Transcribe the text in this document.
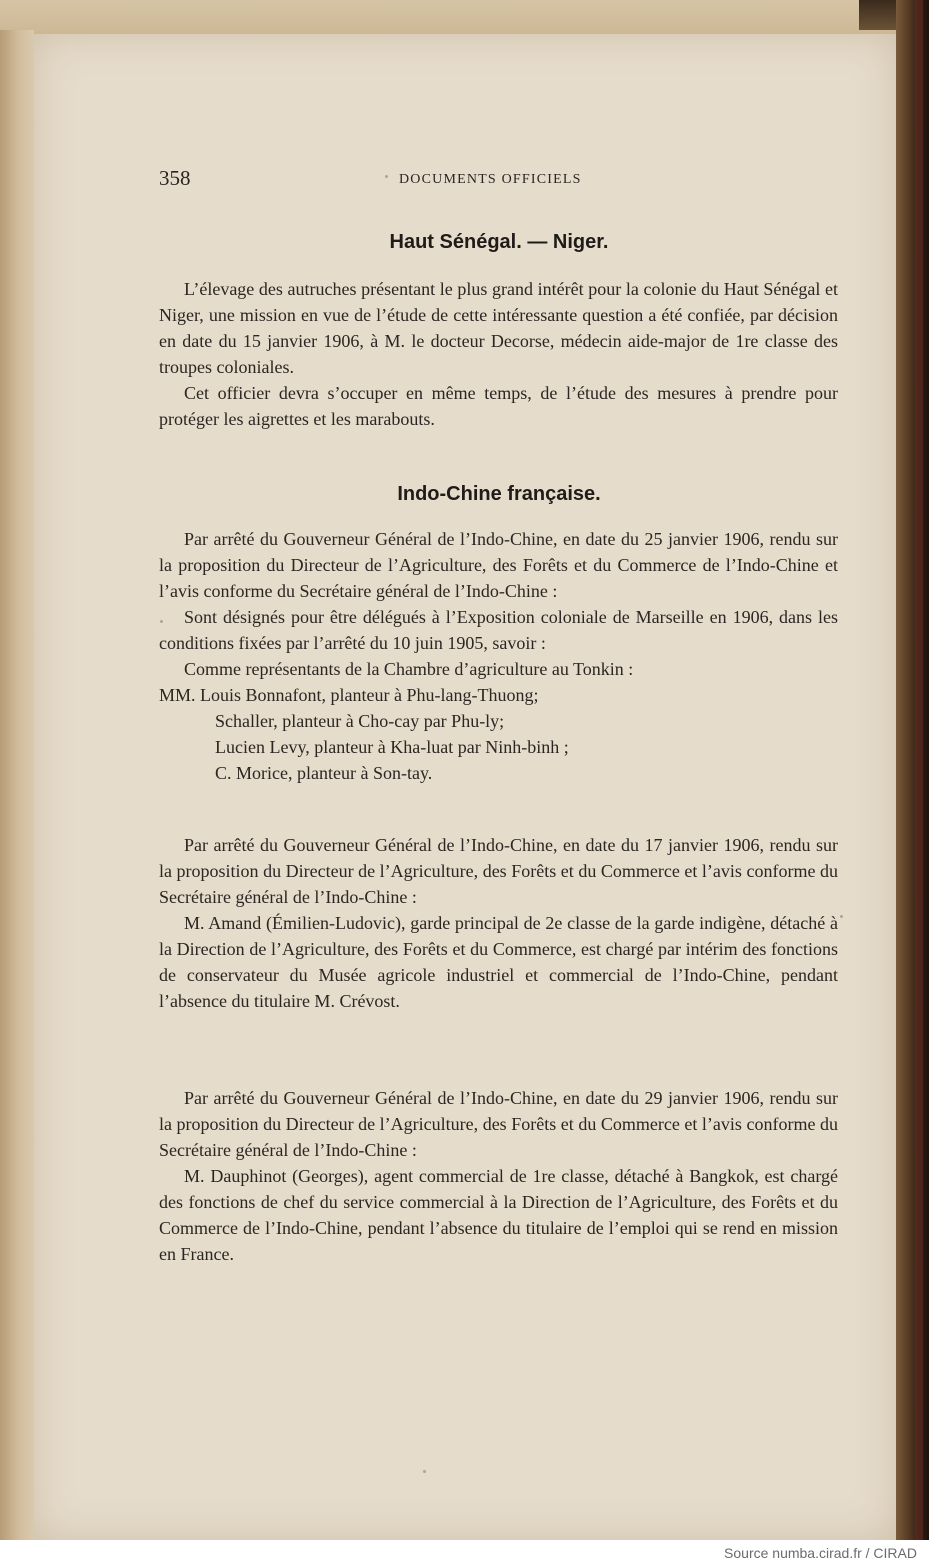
358	DOCUMENTS OFFICIELS
Haut Sénégal. — Niger.

L’élevage des autruches présentant le plus grand intérêt pour la colonie du Haut Sénégal et Niger, une mission en vue de l’étude de cette intéressante question a été confiée, par décision en date du 15 janvier 1906, à M. le docteur Decorse, médecin aide-major de 1re classe des troupes coloniales.

Cet officier devra s’occuper en même temps, de l’étude des mesures à prendre pour protéger les aigrettes et les marabouts.

Indo-Chine française.

Par arrêté du Gouverneur Général de l’Indo-Chine, en date du 25 janvier 1906, rendu sur la proposition du Directeur de l’Agriculture, des Forêts et du Commerce de l’Indo-Chine et l’avis conforme du Secrétaire général de l’Indo-Chine :

Sont désignés pour être délégués à l’Exposition coloniale de Marseille en 1906, dans les conditions fixées par l’arrêté du 10 juin 1905, savoir :

Comme représentants de la Chambre d’agriculture au Tonkin :

MM. Louis Bonnafont, planteur à Phu-lang-Thuong;

Schaller, planteur à Cho-cay par Phu-ly;

Lucien Levy, planteur à Kha-luat par Ninh-binh ;

C. Morice, planteur à Son-tay.

Par arrêté du Gouverneur Général de l’Indo-Chine, en date du 17 janvier 1906, rendu sur la proposition du Directeur de l’Agriculture, des Forêts et du Commerce et l’avis conforme du Secrétaire général de l’Indo-Chine :

M. Amand (Émilien-Ludovic), garde principal de 2e classe de la garde indigène, détaché à la Direction de l’Agriculture, des Forêts et du Commerce, est chargé par intérim des fonctions de conservateur du Musée agricole industriel et commercial de l’Indo-Chine, pendant l’absence du titulaire M. Crévost.

Par arrêté du Gouverneur Général de l’Indo-Chine, en date du 29 janvier 1906, rendu sur la proposition du Directeur de l’Agriculture, des Forêts et du Commerce et l’avis conforme du Secrétaire général de l’Indo-Chine :

M. Dauphinot (Georges), agent commercial de 1re classe, détaché à Bangkok, est chargé des fonctions de chef du service commercial à la Direction de l’Agriculture, des Forêts et du Commerce de l’Indo-Chine, pendant l’absence du titulaire de l’emploi qui se rend en mission en France.

Source numba.cirad.fr / CIRAD
